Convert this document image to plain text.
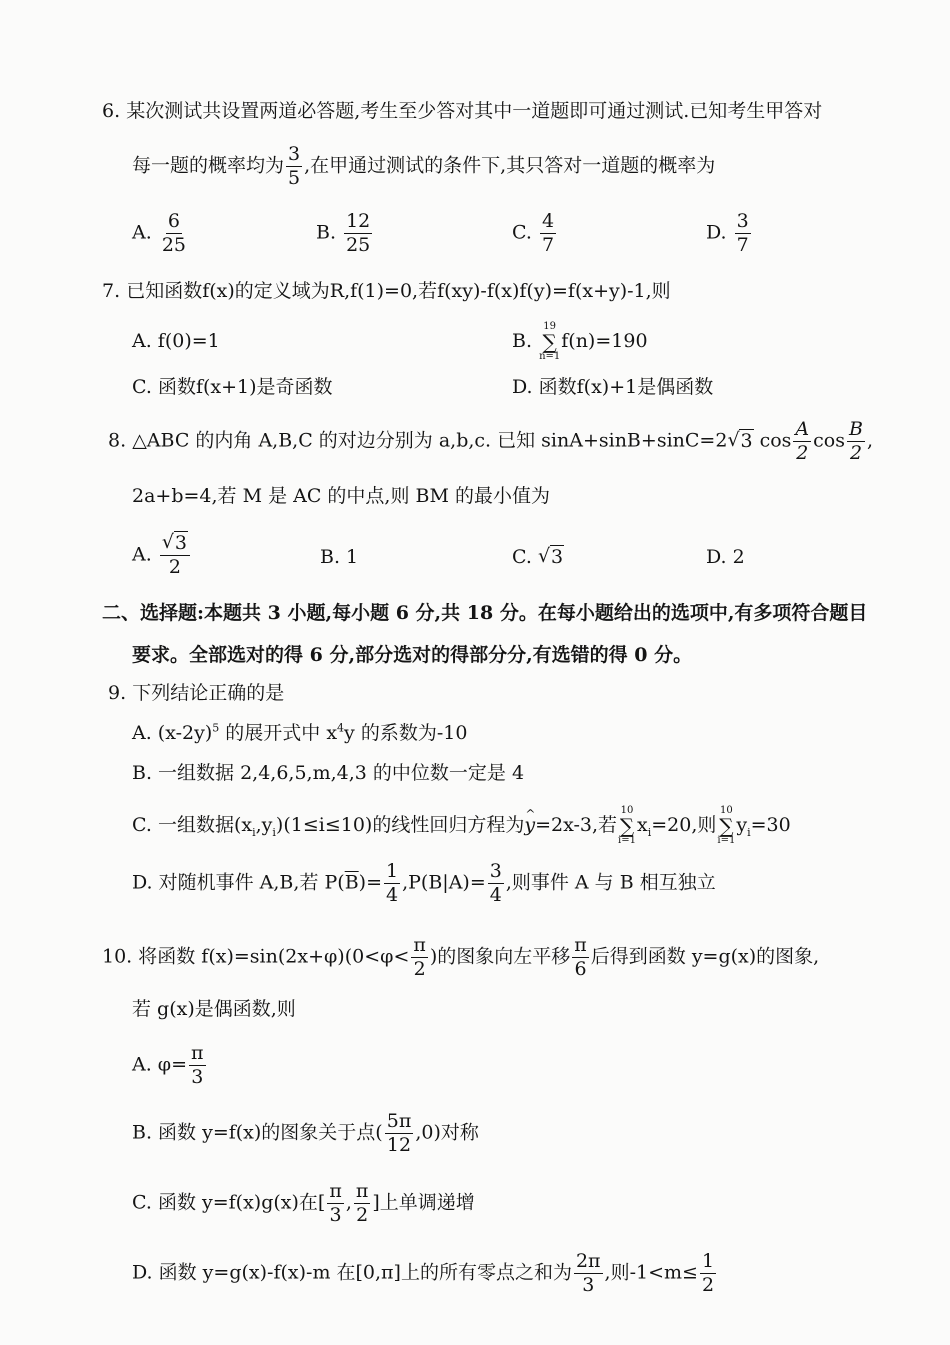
6. 某次测试共设置两道必答题,考生至少答对其中一道题即可通过测试.已知考生甲答对
每一题的概率均为 $\frac{3}{5}$ ,在甲通过测试的条件下,其只答对一道题的概率为
A. $\frac{6}{25}$	B. $\frac{12}{25}$	C. $\frac{4}{7}$	D. $\frac{3}{7}$
7. 已知函数f(x)的定义域为R,f(1)=0,若f(xy)-f(x)f(y)=f(x+y)-1,则
A. f(0)=1	B.
19
∑
n=1
f(n)=190
C. 函数f(x+1)是奇函数	D. 函数f(x)+1是偶函数
8. △ABC 的内角 A,B,C 的对边分别为 a,b,c. 已知 sinA+sinB+sinC=2 √ 3 $\cos \frac{A}{2}$ $\cos \frac{B}{2}$ ,
2a+b=4,若 M 是 AC 的中点,则 BM 的最小值为
A. √ $\frac{3}{2}$	B. 1	C. √ 3	D. 2
二、选择题:本题共 3 小题,每小题 6 分,共 18 分。在每小题给出的选项中,有多项符合题目
要求。全部选对的得 6 分,部分选对的得部分分,有选错的得 0 分。
9. 下列结论正确的是
A. $(x-2y)^5$ 的展开式中 $x^4y$ 的系数为-10
B. 一组数据 2,4,6,5,m,4,3 的中位数一定是 4
C. 一组数据$(x_i,y_i)(1\le i\le 10)$的线性回归方程为^ y=2x-3,若
10
∑
i=1
$x_i=20$,则
10
∑
i=1
$y_i=30$
D. 对随机事件 A,B,若 $P(\overline{B})= \frac{1}{4} ,P(B|A)= \frac{3}{4}$ ,则事件 A 与 B 相互独立
10. 将函数 $f(x)=\sin(2x+\varphi)(0<\varphi< \frac{\pi}{2}$ )的图象向左平移 $\frac{\pi}{6}$ 后得到函数 y=g(x)的图象,
若 g(x)是偶函数,则
A. $\varphi= \frac{\pi}{3}$
B. 函数 y=f(x)的图象关于点( $\frac{5\pi}{12} ,0$)对称
C. 函数 y=f(x)g(x)在[ $\frac{\pi}{3}$ , $\frac{\pi}{2}$ ]上单调递增
D. 函数 y=g(x)-f(x)-m 在[0,π]上的所有零点之和为 $\frac{2\pi}{3}$ ,则$-1<m\le \frac{1}{2}$
